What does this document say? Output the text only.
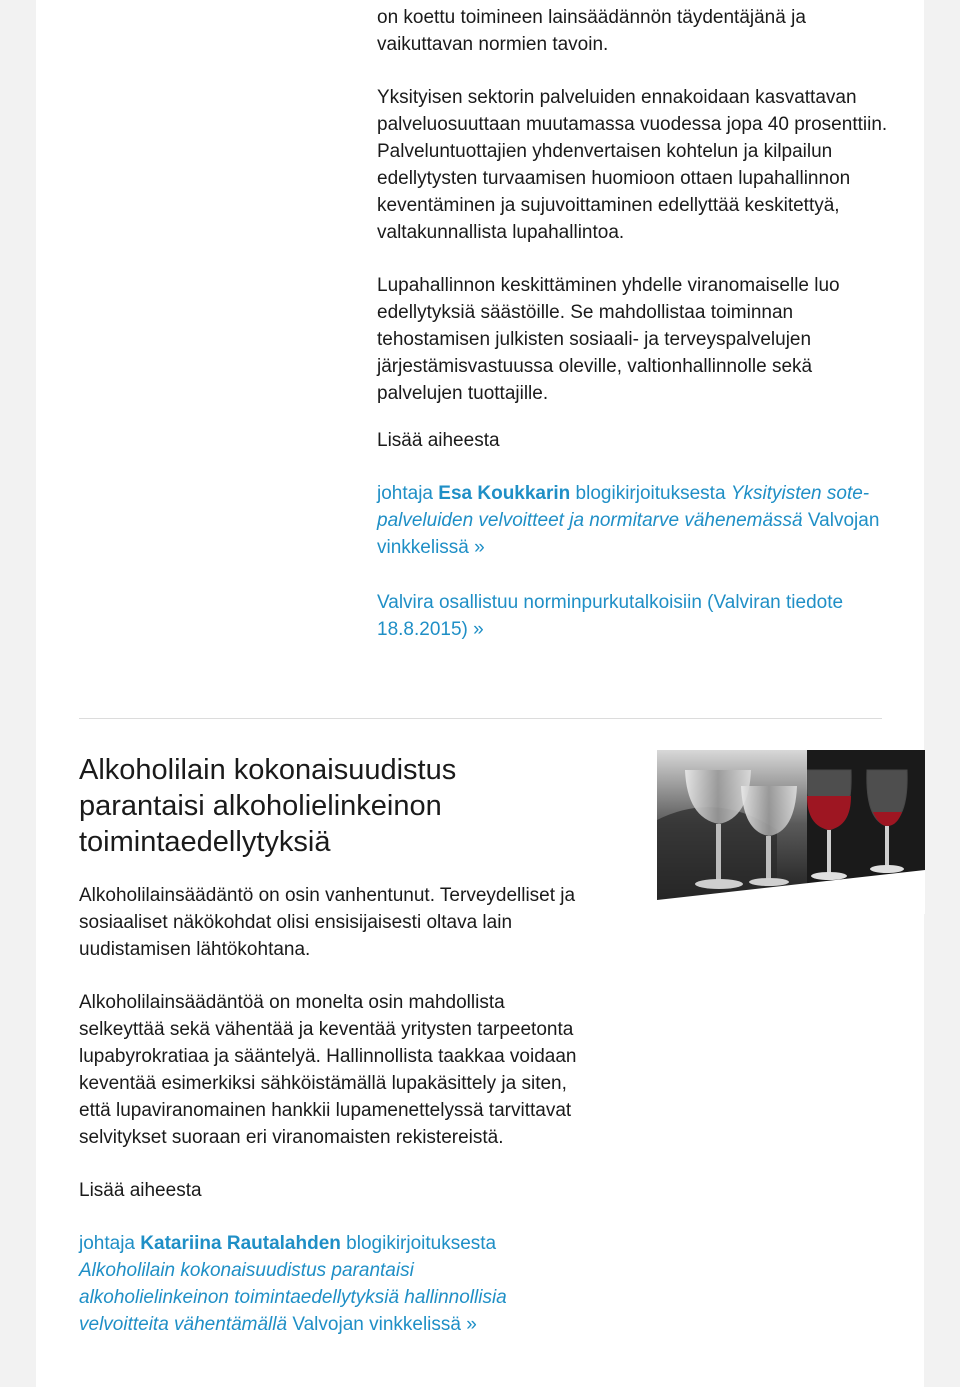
on koettu toimineen lainsäädännön täydentäjänä ja vaikuttavan normien tavoin.

Yksityisen sektorin palveluiden ennakoidaan kasvattavan palveluosuuttaan muutamassa vuodessa jopa 40 prosenttiin. Palveluntuottajien yhdenvertaisen kohtelun ja kilpailun edellytysten turvaamisen huomioon ottaen lupahallinnon keventäminen ja sujuvoittaminen edellyttää keskitettyä, valtakunnallista lupahallintoa.

Lupahallinnon keskittäminen yhdelle viranomaiselle luo edellytyksiä säästöille. Se mahdollistaa toiminnan tehostamisen julkisten sosiaali- ja terveyspalvelujen järjestämisvastuussa oleville, valtionhallinnolle sekä palvelujen tuottajille.

Lisää aiheesta

johtaja Esa Koukkarin blogikirjoituksesta Yksityisten sote-palveluiden velvoitteet ja normitarve vähenemässä Valvojan vinkkelissä »

Valvira osallistuu norminpurkutalkoisiin (Valviran tiedote 18.8.2015) »

Alkoholilain kokonaisuudistus parantaisi alkoholielinkeinon toimintaedellytyksiä

Alkoholilainsäädäntö on osin vanhentunut. Terveydelliset ja sosiaaliset näkökohdat olisi ensisijaisesti oltava lain uudistamisen lähtökohtana.

Alkoholilainsäädäntöä on monelta osin mahdollista selkeyttää sekä vähentää ja keventää yritysten tarpeetonta lupabyrokratiaa ja sääntelyä. Hallinnollista taakkaa voidaan keventää esimerkiksi sähköistämällä lupakäsittely ja siten, että lupaviranomainen hankkii lupamenettelyssä tarvittavat selvitykset suoraan eri viranomaisten rekistereistä.

Lisää aiheesta

johtaja Katariina Rautalahden blogikirjoituksesta Alkoholilain kokonaisuudistus parantaisi alkoholielinkeinon toimintaedellytyksiä hallinnollisia velvoitteita vähentämällä Valvojan vinkkelissä »
